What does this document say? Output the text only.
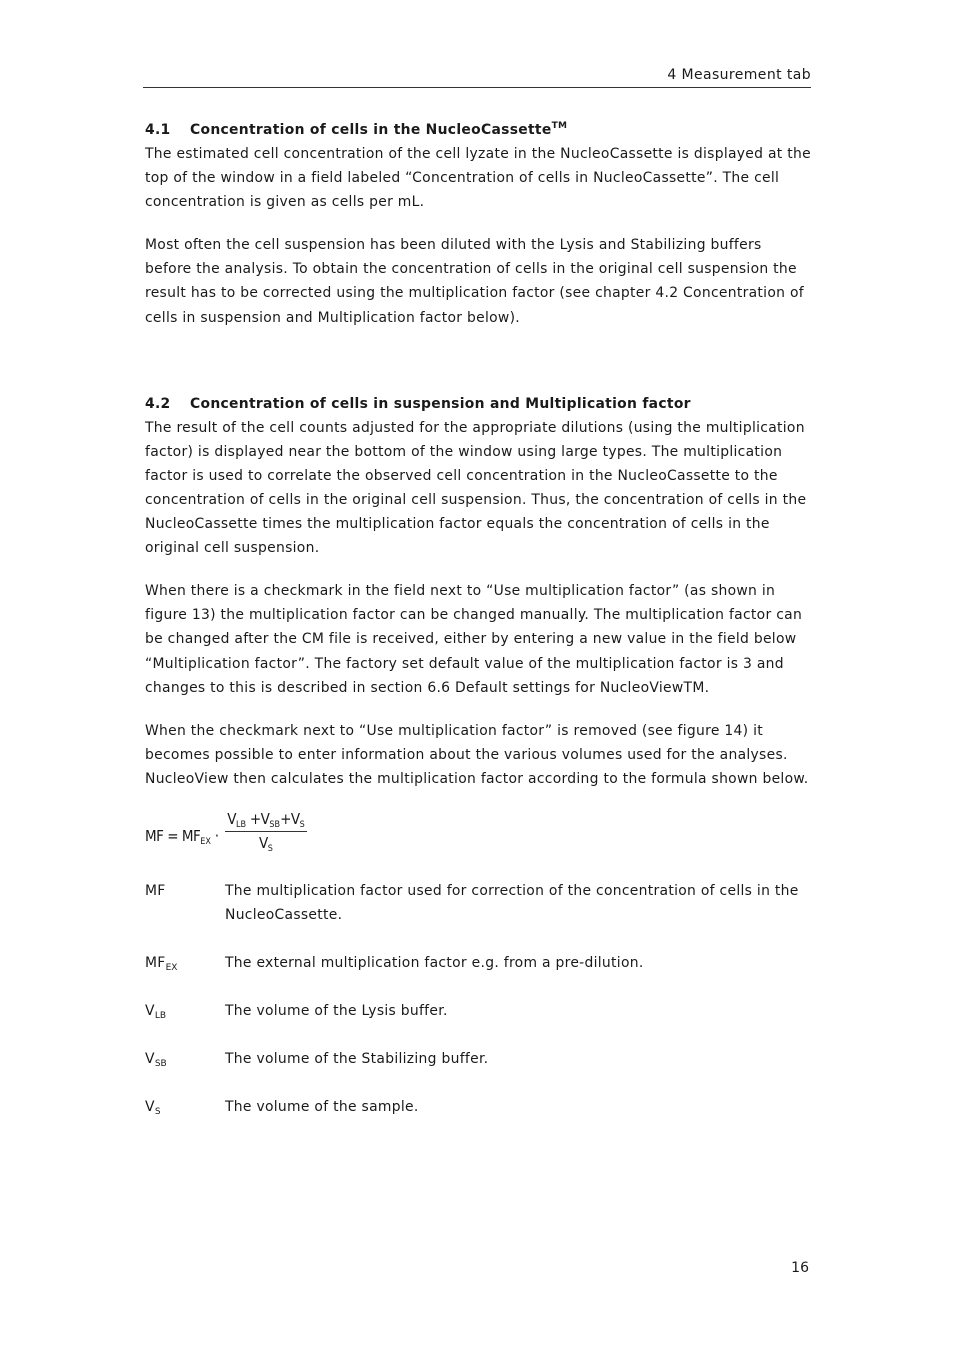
4 Measurement tab
4.1 Concentration of cells in the NucleoCassette™

The estimated cell concentration of the cell lyzate in the NucleoCassette is displayed at the top of the window in a field labeled “Concentration of cells in NucleoCassette”. The cell concentration is given as cells per mL.

Most often the cell suspension has been diluted with the Lysis and Stabilizing buffers before the analysis. To obtain the concentration of cells in the original cell suspension the result has to be corrected using the multiplication factor (see chapter 4.2 Concentration of cells in suspension and Multiplication factor below).

4.2 Concentration of cells in suspension and Multiplication factor

The result of the cell counts adjusted for the appropriate dilutions (using the multiplication factor) is displayed near the bottom of the window using large types. The multiplication factor is used to correlate the observed cell concentration in the NucleoCassette to the concentration of cells in the original cell suspension. Thus, the concentration of cells in the NucleoCassette times the multiplication factor equals the concentration of cells in the original cell suspension.

When there is a checkmark in the field next to “Use multiplication factor” (as shown in figure 13) the multiplication factor can be changed manually. The multiplication factor can be changed after the CM file is received, either by entering a new value in the field below “Multiplication factor”. The factory set default value of the multiplication factor is 3 and changes to this is described in section 6.6 Default settings for NucleoViewTM.

When the checkmark next to “Use multiplication factor” is removed (see figure 14) it becomes possible to enter information about the various volumes used for the analyses. NucleoView then calculates the multiplication factor according to the formula shown below.

MF = $MF_{EX}$ ·
$V_{LB} +V_{SB}+V_S$
$V_S$
MF	The multiplication factor used for correction of the concentration of cells in the NucleoCassette.
$MF_{EX}$	The external multiplication factor e.g. from a pre-dilution.
$V_{LB}$	The volume of the Lysis buffer.
$V_{SB}$	The volume of the Stabilizing buffer.
$V_S$	The volume of the sample.
16
